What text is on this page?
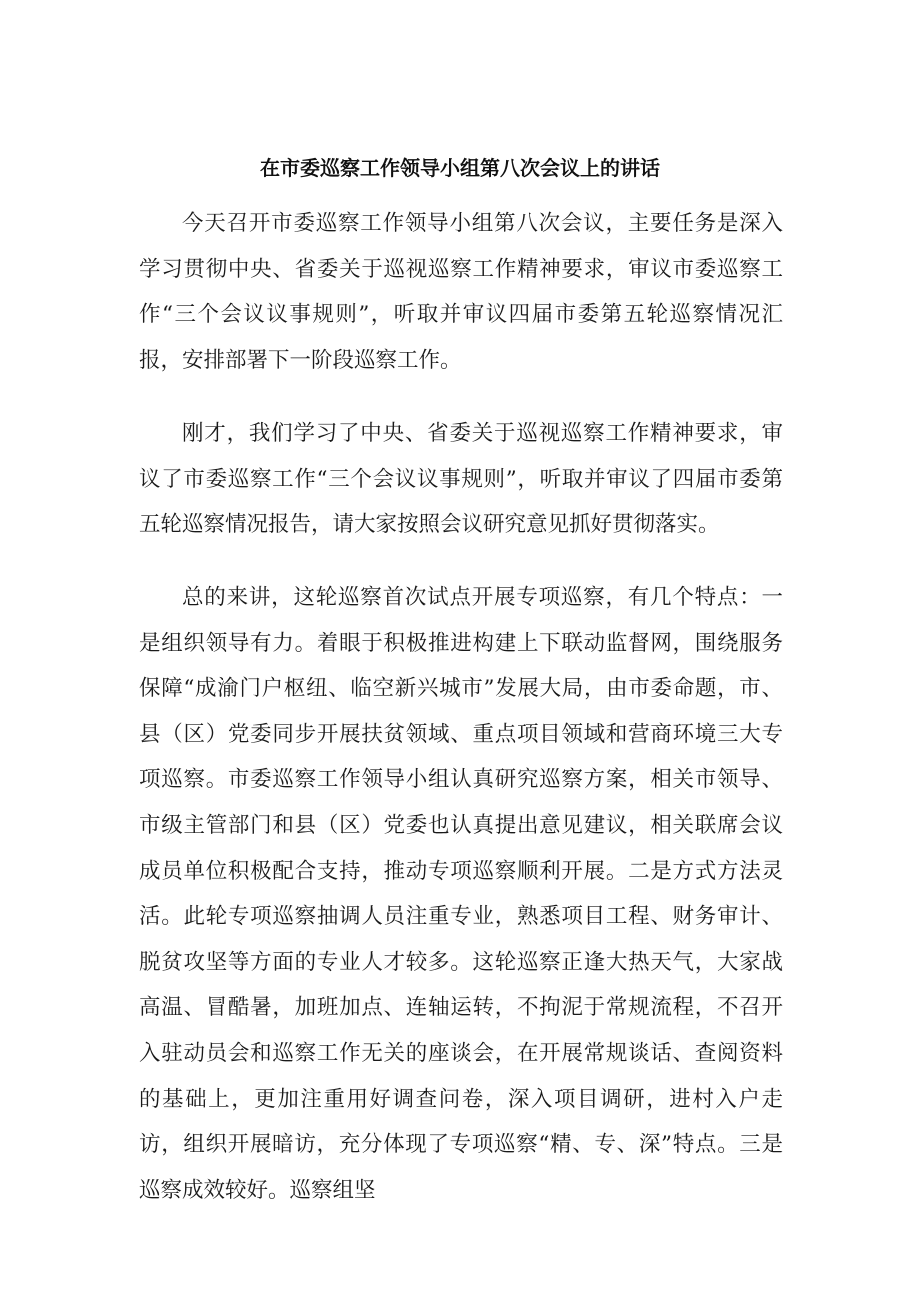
在市委巡察工作领导小组第八次会议上的讲话

今天召开市委巡察工作领导小组第八次会议，主要任务是深入学习贯彻中央、省委关于巡视巡察工作精神要求，审议市委巡察工作“三个会议议事规则”，听取并审议四届市委第五轮巡察情况汇报，安排部署下一阶段巡察工作。

刚才，我们学习了中央、省委关于巡视巡察工作精神要求，审议了市委巡察工作“三个会议议事规则”，听取并审议了四届市委第五轮巡察情况报告，请大家按照会议研究意见抓好贯彻落实。

总的来讲，这轮巡察首次试点开展专项巡察，有几个特点：一是组织领导有力。着眼于积极推进构建上下联动监督网，围绕服务保障“成渝门户枢纽、临空新兴城市”发展大局，由市委命题，市、县（区）党委同步开展扶贫领域、重点项目领域和营商环境三大专项巡察。市委巡察工作领导小组认真研究巡察方案，相关市领导、市级主管部门和县（区）党委也认真提出意见建议，相关联席会议成员单位积极配合支持，推动专项巡察顺利开展。二是方式方法灵活。此轮专项巡察抽调人员注重专业，熟悉项目工程、财务审计、脱贫攻坚等方面的专业人才较多。这轮巡察正逢大热天气，大家战高温、冒酷暑，加班加点、连轴运转，不拘泥于常规流程，不召开入驻动员会和巡察工作无关的座谈会，在开展常规谈话、查阅资料的基础上，更加注重用好调查问卷，深入项目调研，进村入户走访，组织开展暗访，充分体现了专项巡察“精、专、深”特点。三是巡察成效较好。巡察组坚
